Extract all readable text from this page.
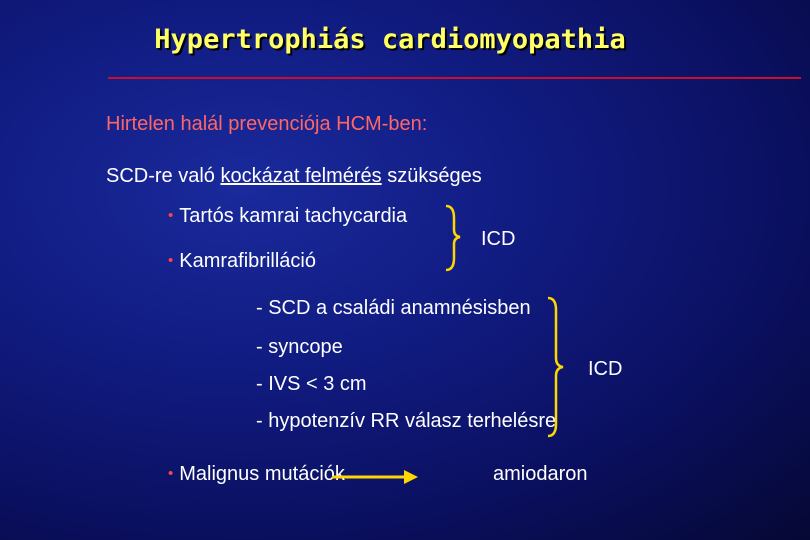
Hypertrophiás cardiomyopathia
Hirtelen halál prevenciója HCM-ben:
SCD-re való kockázat felmérés szükséges
• Tartós kamrai tachycardia
• Kamrafibrilláció
ICD
- SCD a családi anamnésisben
- syncope
- IVS < 3 cm
- hypotenzív RR válasz terhelésre
ICD
• Malignus mutációk	amiodaron
